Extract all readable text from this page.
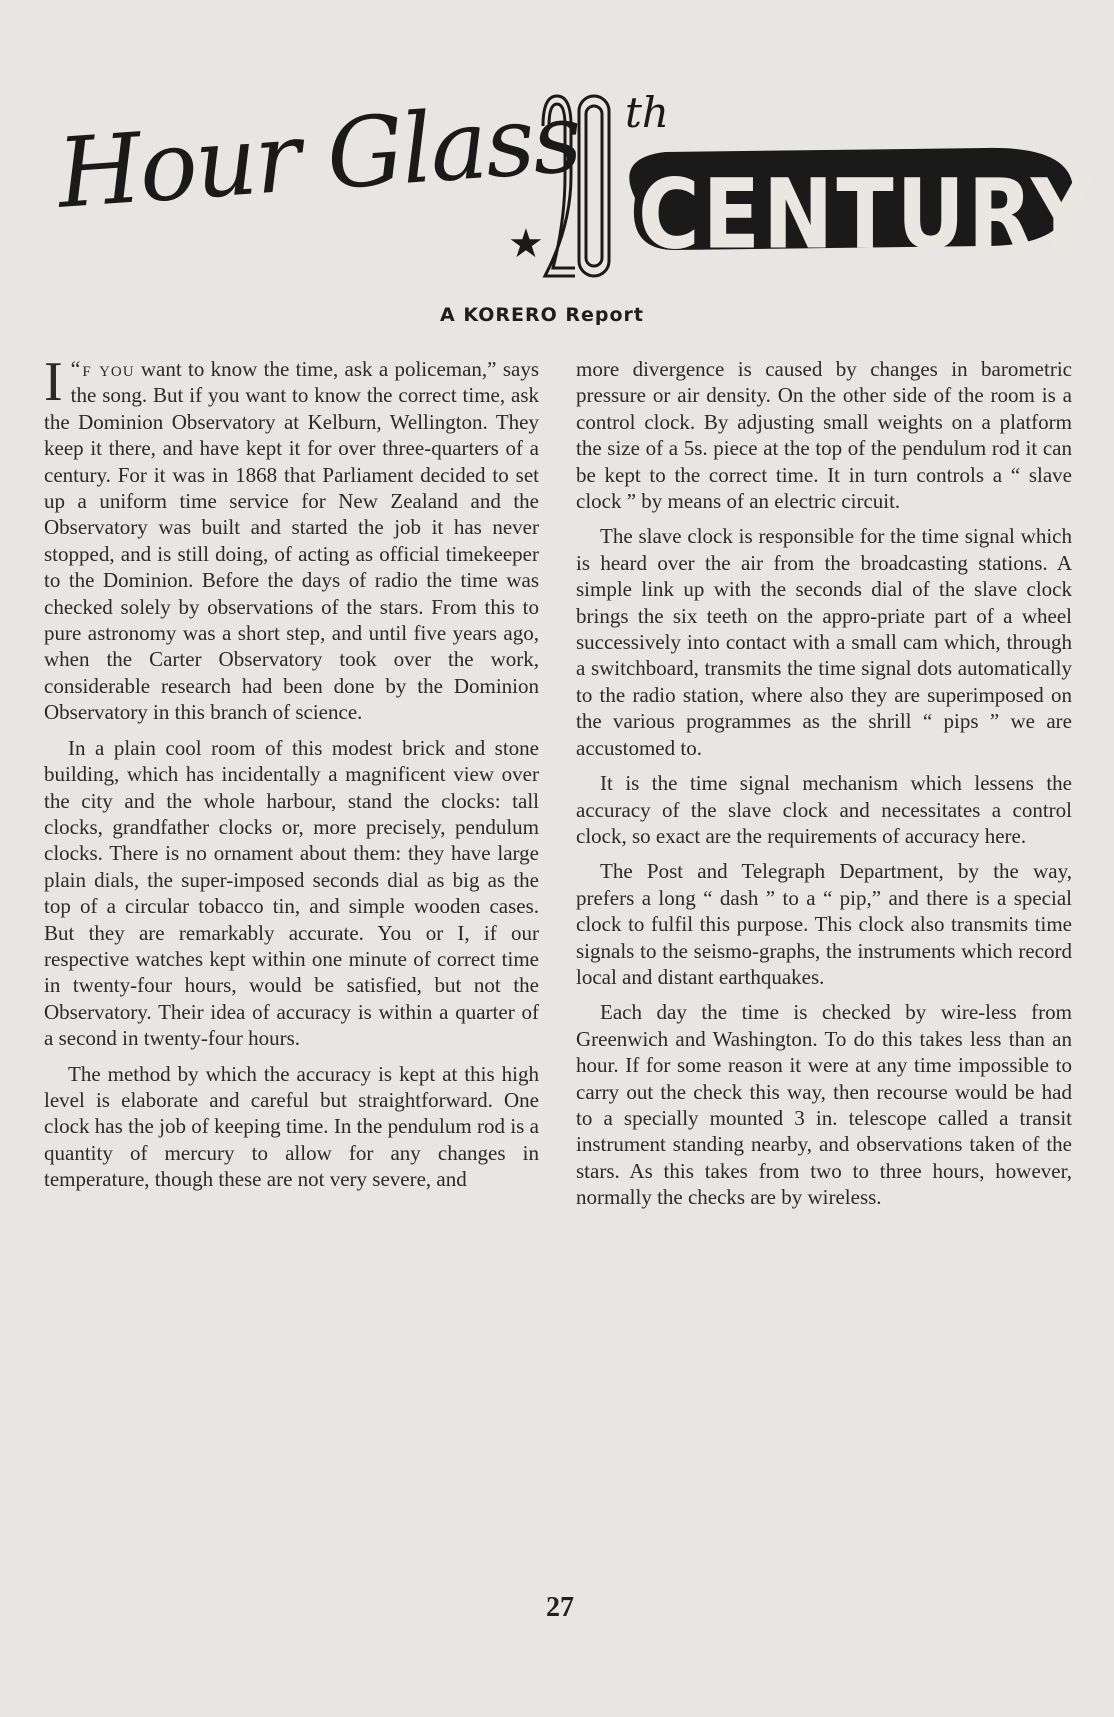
Hour Glass
★
th
CENTURY
A KORERO Report

“
I f you want to know the time, ask a policeman,” says the song. But if you want to know the correct time, ask the Dominion Observatory at Kelburn, Wellington. They keep it there, and have kept it for over three-quarters of a century. For it was in 1868 that Parliament decided to set up a uniform time service for New Zealand and the Observatory was built and started the job it has never stopped, and is still doing, of acting as official timekeeper to the Dominion. Before the days of radio the time was checked solely by observations of the stars. From this to pure astronomy was a short step, and until five years ago, when the Carter Observatory took over the work, considerable research had been done by the Dominion Observatory in this branch of science.

In a plain cool room of this modest brick and stone building, which has incidentally a magnificent view over the city and the whole harbour, stand the clocks: tall clocks, grandfather clocks or, more precisely, pendulum clocks. There is no ornament about them: they have large plain dials, the super-imposed seconds dial as big as the top of a circular tobacco tin, and simple wooden cases. But they are remarkably accurate. You or I, if our respective watches kept within one minute of correct time in twenty-four hours, would be satisfied, but not the Observatory. Their idea of accuracy is within a quarter of a second in twenty-four hours.

The method by which the accuracy is kept at this high level is elaborate and careful but straightforward. One clock has the job of keeping time. In the pendulum rod is a quantity of mercury to allow for any changes in temperature, though these are not very severe, and

more divergence is caused by changes in barometric pressure or air density. On the other side of the room is a control clock. By adjusting small weights on a platform the size of a 5s. piece at the top of the pendulum rod it can be kept to the correct time. It in turn controls a “ slave clock ” by means of an electric circuit.

The slave clock is responsible for the time signal which is heard over the air from the broadcasting stations. A simple link up with the seconds dial of the slave clock brings the six teeth on the appro-priate part of a wheel successively into contact with a small cam which, through a switchboard, transmits the time signal dots automatically to the radio station, where also they are superimposed on the various programmes as the shrill “ pips ” we are accustomed to.

It is the time signal mechanism which lessens the accuracy of the slave clock and necessitates a control clock, so exact are the requirements of accuracy here.

The Post and Telegraph Department, by the way, prefers a long “ dash ” to a “ pip,” and there is a special clock to fulfil this purpose. This clock also transmits time signals to the seismo-graphs, the instruments which record local and distant earthquakes.

Each day the time is checked by wire-less from Greenwich and Washington. To do this takes less than an hour. If for some reason it were at any time impossible to carry out the check this way, then recourse would be had to a specially mounted 3 in. telescope called a transit instrument standing nearby, and observations taken of the stars. As this takes from two to three hours, however, normally the checks are by wireless.

27
